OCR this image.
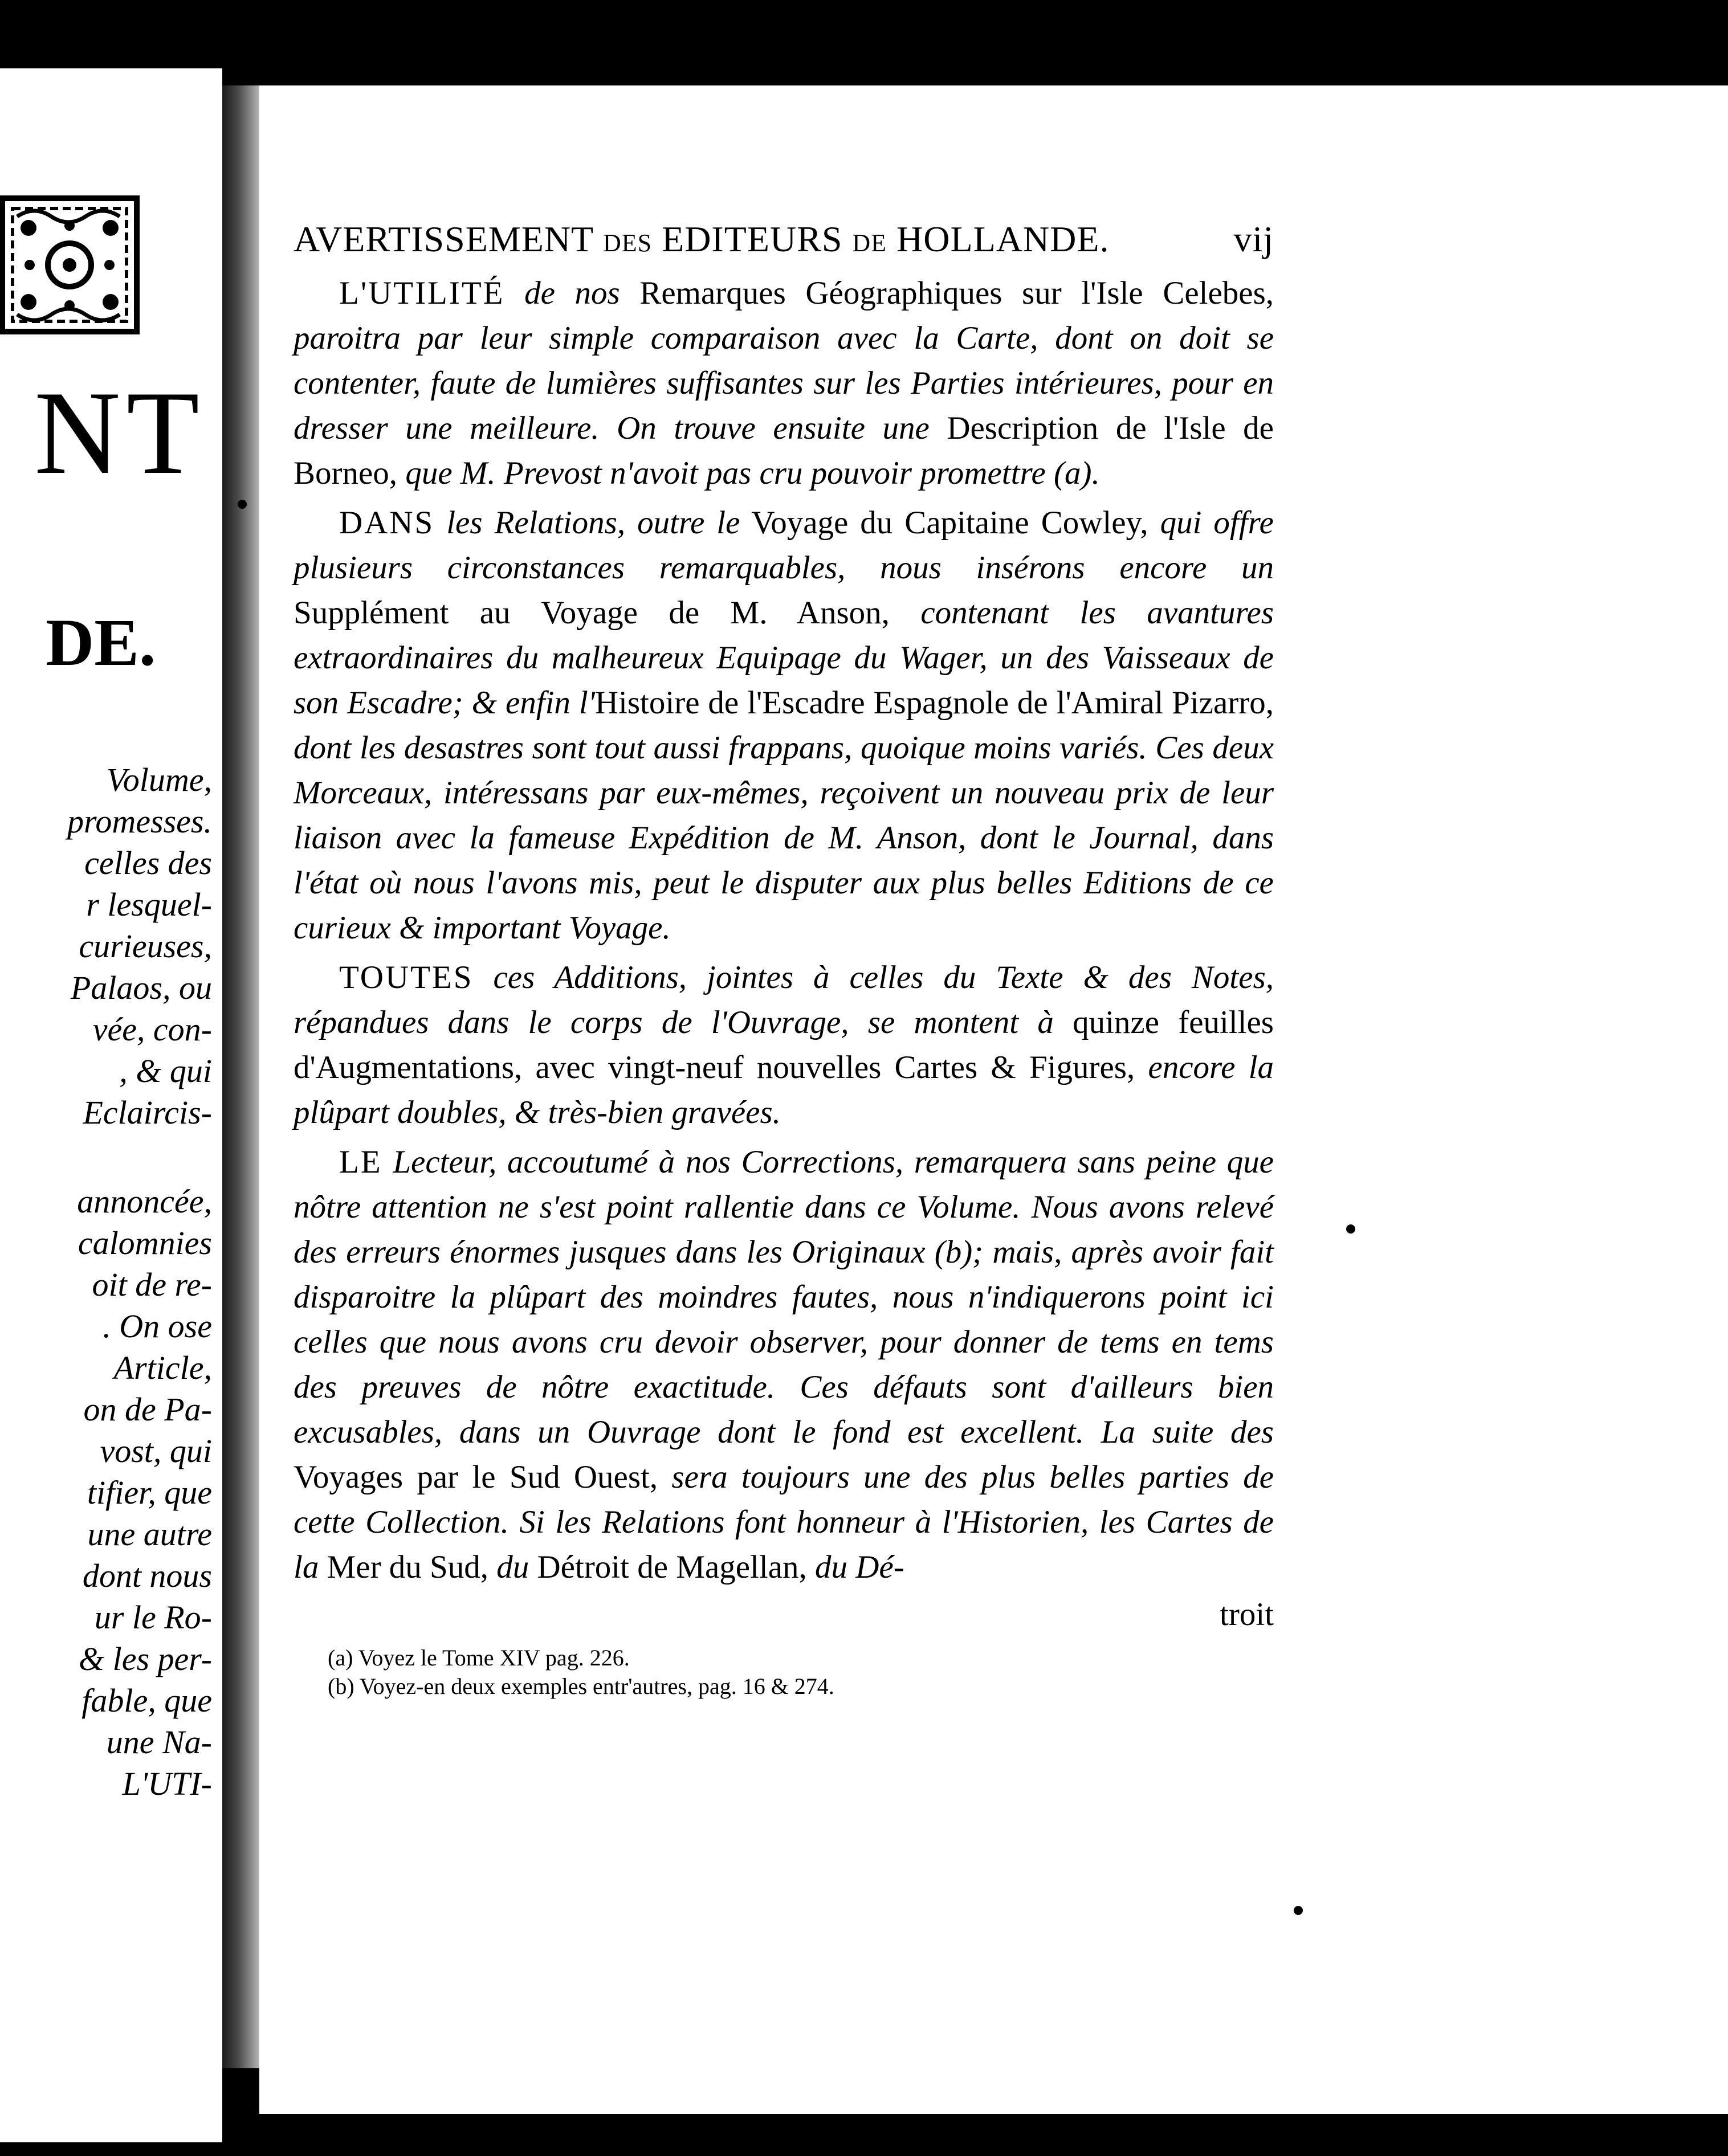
NT
DE.
Volume,
promesses.
celles des
r lesquel-
curieuses,
Palaos, ou
vée, con-
, & qui
Eclaircis-
annoncée,
calomnies
oit de re-
. On ose
Article,
on de Pa-
vost, qui
tifier, que
une autre
dont nous
ur le Ro-
& les per-
fable, que
une Na-
L'UTI-
AVERTISSEMENT DES EDITEURS DE HOLLANDE.	vij

L'UTILITÉ de nos Remarques Géographiques sur l'Isle Celebes, paroitra par leur simple comparaison avec la Carte, dont on doit se contenter, faute de lumières suffisantes sur les Parties intérieures, pour en dresser une meilleure. On trouve ensuite une Description de l'Isle de Borneo, que M. Prevost n'avoit pas cru pouvoir promettre (a).

DANS les Relations, outre le Voyage du Capitaine Cowley, qui offre plusieurs circonstances remarquables, nous insérons encore un Supplément au Voyage de M. Anson, contenant les avantures extraordinaires du malheureux Equipage du Wager, un des Vaisseaux de son Escadre; & enfin l'Histoire de l'Escadre Espagnole de l'Amiral Pizarro, dont les desastres sont tout aussi frappans, quoique moins variés. Ces deux Morceaux, intéressans par eux-mêmes, reçoivent un nouveau prix de leur liaison avec la fameuse Expédition de M. Anson, dont le Journal, dans l'état où nous l'avons mis, peut le disputer aux plus belles Editions de ce curieux & important Voyage.

TOUTES ces Additions, jointes à celles du Texte & des Notes, répandues dans le corps de l'Ouvrage, se montent à quinze feuilles d'Augmentations, avec vingt-neuf nouvelles Cartes & Figures, encore la plûpart doubles, & très-bien gravées.

LE Lecteur, accoutumé à nos Corrections, remarquera sans peine que nôtre attention ne s'est point rallentie dans ce Volume. Nous avons relevé des erreurs énormes jusques dans les Originaux (b); mais, après avoir fait disparoitre la plûpart des moindres fautes, nous n'indiquerons point ici celles que nous avons cru devoir observer, pour donner de tems en tems des preuves de nôtre exactitude. Ces défauts sont d'ailleurs bien excusables, dans un Ouvrage dont le fond est excellent. La suite des Voyages par le Sud Ouest, sera toujours une des plus belles parties de cette Collection. Si les Relations font honneur à l'Historien, les Cartes de la Mer du Sud, du Détroit de Magellan, du Dé-

troit
(a) Voyez le Tome XIV pag. 226.
(b) Voyez-en deux exemples entr'autres, pag. 16 & 274.
